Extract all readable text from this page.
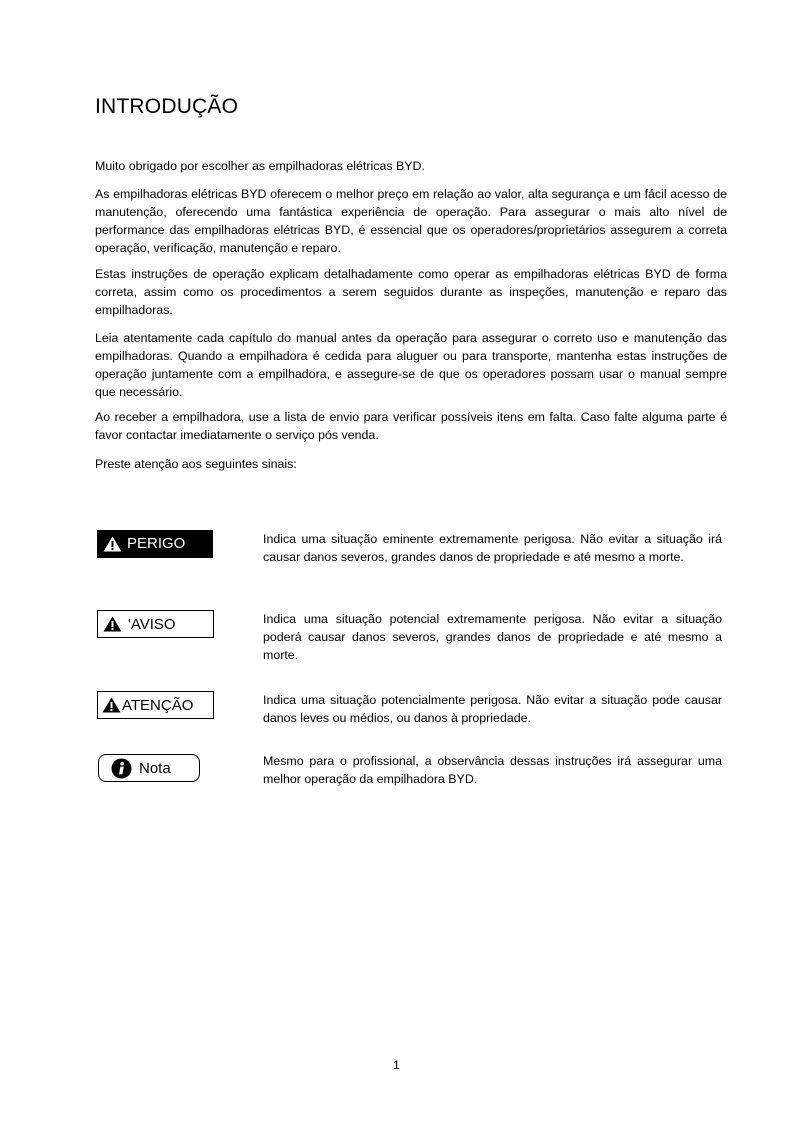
INTRODUÇÃO

Muito obrigado por escolher as empilhadoras elétricas BYD.

As empilhadoras elétricas BYD oferecem o melhor preço em relação ao valor, alta segurança e um fácil acesso de manutenção, oferecendo uma fantástica experiência de operação. Para assegurar o mais alto nível de performance das empilhadoras elétricas BYD, é essencial que os operadores/proprietários assegurem a correta operação, verificação, manutenção e reparo.

Estas instruções de operação explicam detalhadamente como operar as empilhadoras elétricas BYD de forma correta, assim como os procedimentos a serem seguidos durante as inspeções, manutenção e reparo das empilhadoras.

Leia atentamente cada capítulo do manual antes da operação para assegurar o correto uso e manutenção das empilhadoras. Quando a empilhadora é cedida para aluguer ou para transporte, mantenha estas instruções de operação juntamente com a empilhadora, e assegure-se de que os operadores possam usar o manual sempre que necessário.

Ao receber a empilhadora, use a lista de envio para verificar possíveis itens em falta. Caso falte alguma parte é favor contactar imediatamente o serviço pós venda.

Preste atenção aos seguintes sinais:

PERIGO	Indica uma situação eminente extremamente perigosa. Não evitar a situação irá causar danos severos, grandes danos de propriedade e até mesmo a morte.

'AVISO	Indica uma situação potencial extremamente perigosa. Não evitar a situação poderá causar danos severos, grandes danos de propriedade e até mesmo a morte.

ATENÇÃO	Indica uma situação potencialmente perigosa. Não evitar a situação pode causar danos leves ou médios, ou danos à propriedade.

Nota	Mesmo para o profissional, a observância dessas instruções irá assegurar uma melhor operação da empilhadora BYD.

1
